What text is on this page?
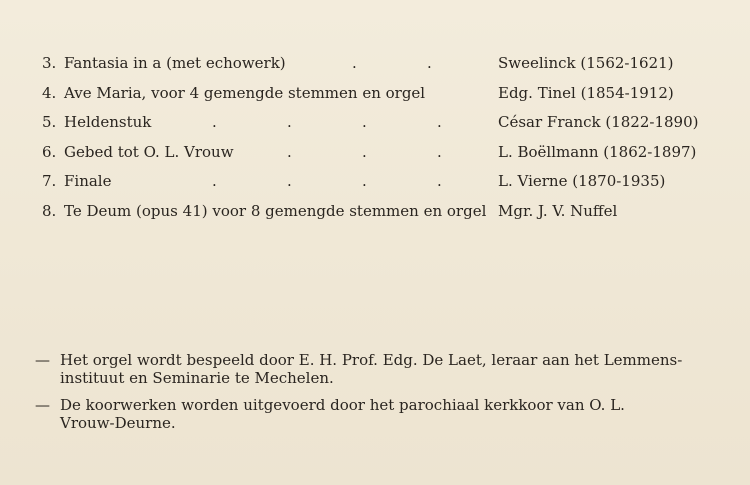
3. Fantasia in a (met echowerk)	.	.	Sweelinck (1562-1621)
4. Ave Maria, voor 4 gemengde stemmen en orgel	Edg. Tinel (1854-1912)
5. Heldenstuk	.	.	.	.	César Franck (1822-1890)
6. Gebed tot O. L. Vrouw	.	.	.	L. Boëllmann (1862-1897)
7. Finale	.	.	.	.	L. Vierne (1870-1935)
8. Te Deum (opus 41) voor 8 gemengde stemmen en orgel Mgr. J. V. Nuffel
— Het orgel wordt bespeeld door E. H. Prof. Edg. De Laet, leraar aan het Lemmens-
instituut en Seminarie te Mechelen.
— De koorwerken worden uitgevoerd door het parochiaal kerkkoor van O. L.
Vrouw-Deurne.
